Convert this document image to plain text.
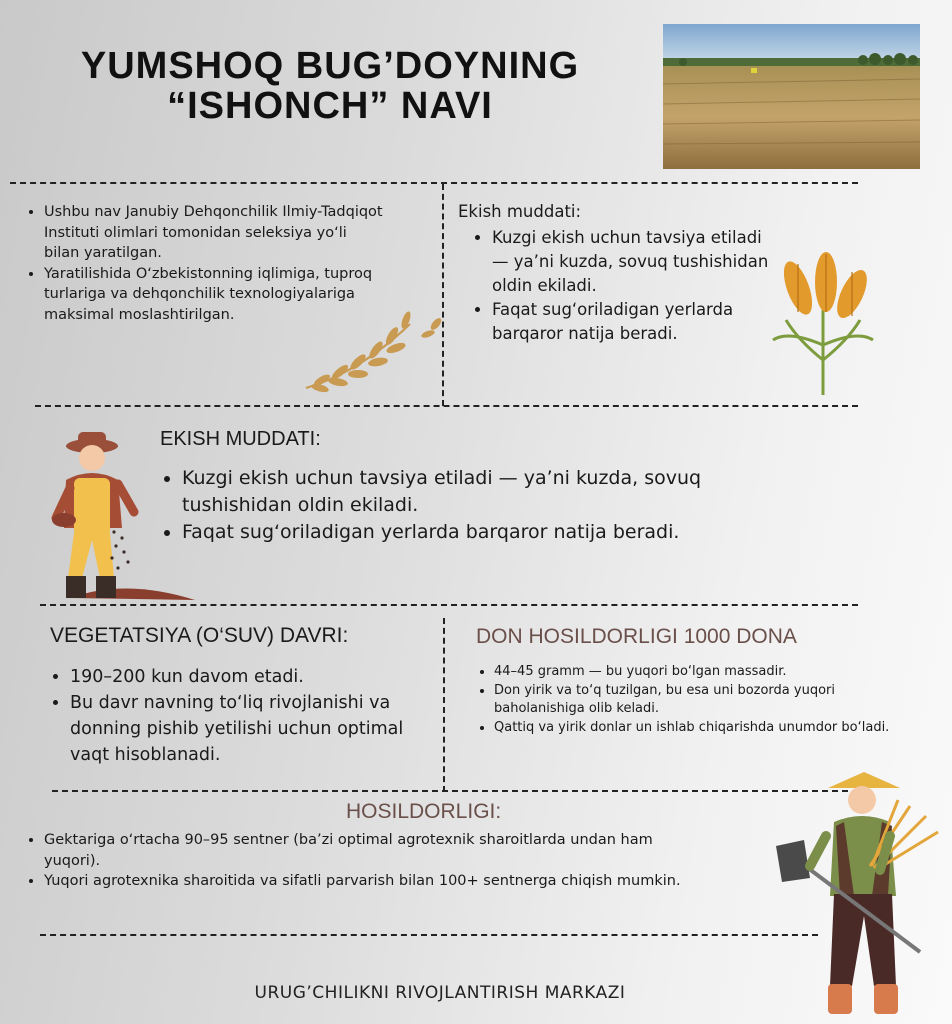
YUMSHOQ BUG’DOYNING
“ISHONCH” NAVI
• Ushbu nav Janubiy Dehqonchilik Ilmiy-Tadqiqot Instituti olimlari tomonidan seleksiya yo‘li bilan yaratilgan.
• Yaratilishida O‘zbekistonning iqlimiga, tuproq turlariga va dehqonchilik texnologiyalariga maksimal moslashtirilgan.
Ekish muddati:
• Kuzgi ekish uchun tavsiya etiladi — ya’ni kuzda, sovuq tushishidan oldin ekiladi.
• Faqat sug‘oriladigan yerlarda barqaror natija beradi.
EKISH MUDDATI:
• Kuzgi ekish uchun tavsiya etiladi — ya’ni kuzda, sovuq tushishidan oldin ekiladi.
• Faqat sug‘oriladigan yerlarda barqaror natija beradi.
VEGETATSIYA (O‘SUV) DAVRI:
• 190–200 kun davom etadi.
• Bu davr navning to‘liq rivojlanishi va donning pishib yetilishi uchun optimal vaqt hisoblanadi.
DON HOSILDORLIGI 1000 DONA
• 44–45 gramm — bu yuqori bo‘lgan massadir.
• Don yirik va to‘q tuzilgan, bu esa uni bozorda yuqori baholanishiga olib keladi.
• Qattiq va yirik donlar un ishlab chiqarishda unumdor bo‘ladi.
HOSILDORLIGI:
• Gektariga o‘rtacha 90–95 sentner (ba’zi optimal agrotexnik sharoitlarda undan ham yuqori).
• Yuqori agrotexnika sharoitida va sifatli parvarish bilan 100+ sentnerga chiqish mumkin.
URUG’CHILIKNI RIVOJLANTIRISH MARKAZI
